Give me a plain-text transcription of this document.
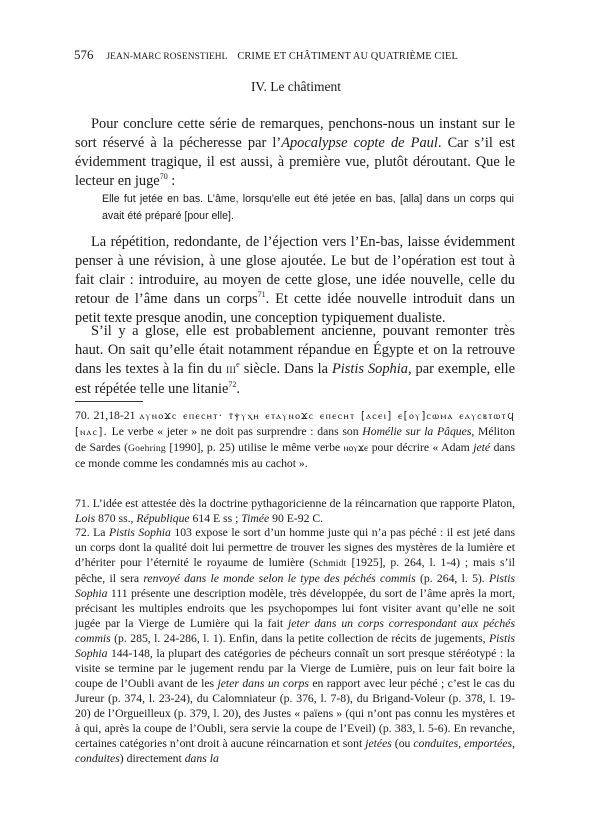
576 JEAN-MARC ROSENSTIEHL CRIME ET CHÂTIMENT AU QUATRIÈME CIEL
IV. Le châtiment

Pour conclure cette série de remarques, penchons-nous un instant sur le sort réservé à la pécheresse par l’Apocalypse copte de Paul. Car s’il est évidemment tragique, il est aussi, à première vue, plutôt déroutant. Que le lecteur en juge$^{70}$ :

Elle fut jetée en bas. L’âme, lorsqu’elle eut été jetée en bas, [alla] dans un corps qui avait été préparé [pour elle].

La répétition, redondante, de l’éjection vers l’En-bas, laisse évidemment penser à une révision, à une glose ajoutée. Le but de l’opération est tout à fait clair : introduire, au moyen de cette glose, une idée nouvelle, celle du retour de l’âme dans un corps$^{71}$. Et cette idée nouvelle introduit dans un petit texte presque anodin, une conception typiquement dualiste.

S’il y a glose, elle est probablement ancienne, pouvant remonter très haut. On sait qu’elle était notamment répandue en Égypte et on la retrouve dans les textes à la fin du IIIe siècle. Dans la Pistis Sophia, par exemple, elle est répétée telle une litanie$^{72}$.

70. 21,18-21 ⲁⲩⲛⲟϫⲥ ⲉⲡⲉⲥⲏⲧ· ⲧ̄ⲯⲩⲭⲏ ⲉⲧⲁⲩⲛⲟϫⲥ ⲉⲡⲉⲥⲏⲧ [ⲁⲥⲉⲓ] ⲉ[ⲟⲩ]ⲥⲱⲙⲁ ⲉⲁⲩⲥⲃⲧⲱⲧϥ [ⲛⲁⲥ]. Le verbe « jeter » ne doit pas surprendre : dans son Homélie sur la Pâques, Méliton de Sardes (Goehring [1990], p. 25) utilise le même verbe ⲛⲟⲩϫⲉ pour décrire « Adam jeté dans ce monde comme les condamnés mis au cachot ».

71. L’idée est attestée dès la doctrine pythagoricienne de la réincarnation que rapporte Platon, Lois 870 ss., République 614 E ss ; Timée 90 E-92 C.

72. La Pistis Sophia 103 expose le sort d’un homme juste qui n’a pas péché : il est jeté dans un corps dont la qualité doit lui permettre de trouver les signes des mystères de la lumière et d’hériter pour l’éternité le royaume de lumière (Schmidt [1925], p. 264, l. 1-4) ; mais s’il pêche, il sera renvoyé dans le monde selon le type des péchés commis (p. 264, l. 5). Pistis Sophia 111 présente une description modèle, très développée, du sort de l’âme après la mort, précisant les multiples endroits que les psychopompes lui font visiter avant qu’elle ne soit jugée par la Vierge de Lumière qui la fait jeter dans un corps correspondant aux péchés commis (p. 285, l. 24-286, l. 1). Enfin, dans la petite collection de récits de jugements, Pistis Sophia 144-148, la plupart des catégories de pécheurs connaît un sort presque stéréotypé : la visite se termine par le jugement rendu par la Vierge de Lumière, puis on leur fait boire la coupe de l’Oubli avant de les jeter dans un corps en rapport avec leur péché ; c’est le cas du Jureur (p. 374, l. 23-24), du Calomniateur (p. 376, l. 7-8), du Brigand-Voleur (p. 378, l. 19-20) de l’Orgueilleux (p. 379, l. 20), des Justes « païens » (qui n’ont pas connu les mystères et à qui, après la coupe de l’Oubli, sera servie la coupe de l’Eveil) (p. 383, l. 5-6). En revanche, certaines catégories n’ont droit à aucune réincarnation et sont jetées (ou conduites, emportées, conduites) directement dans la
